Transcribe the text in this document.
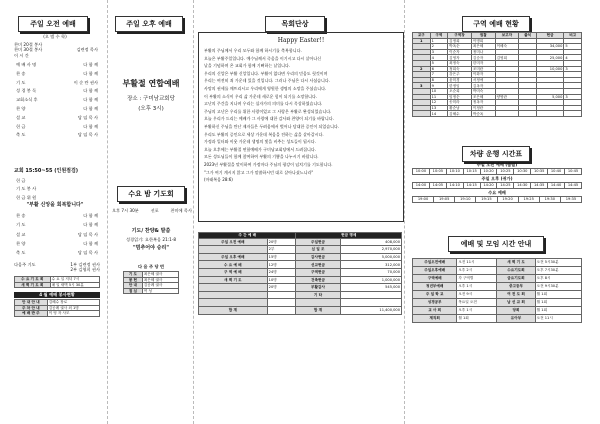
주일 오전 예배
(오 범 수 학)
찬미 20절 봉사
찬미 30절 봉사	김련정 목사
이 시 간
예 배 사 명	다 함 께
찬 송	다 함 께
기 도	이 순 란 권사
성 경 봉 독	다 함 께
교회소식 후	다 함 께
찬 양	다 함 께
설 교	담 임 목 사
헌 금	다 함 께
축 도	담 임 목 사
교회 15:50~55 (인원점검)
헌 금
기 도 봉 사
헌 금 위 원
"부활 신앙을 회복합니다"
찬 송	다 함 께
기 도	다 함 께
설 교	담 임 목 사
찬 양	다 함 께
축 도	담 임 목 사
다음주 기도	1부 김련정 권사
2부 김영희 권사
수 요 기 도 회	수 요 일 저녁 7시
새 벽 기 도 회	매 일 새벽 5시 30분
4 월 예배 봉사현황
안 내 안 내	김혜수 장로
주 차 안 내	김공례 권사 외 1명
예 배 반 주	이 영 자 사모
주일 오후 예배
부활절 연합예배
장소 : 구미남교회당
(오후 3시)
수요 밤 기도회
오후 7시 30분	선포	찬미에 목사
기도/ 찬양& 말씀
성경읽기: 요한복음 21:1-8
"멈추어야 승리"
다 음 주 당 번
기 도	최은혜 권사
봉 헌	최은혜 권사
안 내	김공례 권사
점 심	여 성
목회단상
Happy Easter!!
부활의 주님께서 우리 모두와 함께 하시기를 축복합니다.
오늘은 부활주일입니다. 예수님께서 죽음을 이기시고 다시 살아나신
날을 기념하며 온 교회가 함께 기뻐하는 날입니다.
우리의 신앙은 부활 신앙입니다. 부활이 없다면 우리의 믿음도 헛것이며
우리는 여전히 죄 가운데 있을 것입니다. 그러나 주님은 다시 사셨습니다.
사망의 권세를 깨뜨리시고 우리에게 영원한 생명의 소망을 주셨습니다.
이 부활의 소식이 우리 삶 가운데 새로운 힘이 되기를 소망합니다.
고난의 주간을 지나며 우리는 십자가의 의미를 다시 묵상하였습니다.
주님의 고난은 우리를 위한 사랑이었고 그 사랑은 부활로 완성되었습니다.
오늘 우리가 드리는 예배가 그 사랑에 대한 감사와 찬양이 되기를 바랍니다.
부활하신 주님을 만난 제자들은 두려움에서 벗어나 담대한 증인이 되었습니다.
우리도 부활의 증인으로 세상 가운데 복음을 전하는 삶을 살아갑시다.
가정과 일터와 이웃 가운데 생명의 빛을 비추는 성도들이 됩시다.
오늘 오후에는 부활절 연합예배가 구미남교회당에서 드려집니다.
모든 성도님들이 함께 참여하여 부활의 기쁨을 나누시기 바랍니다.
2023년 부활절을 맞이하여 가정마다 주님의 평강이 넘치기를 기도합니다.
"그가 여기 계시지 않고 그가 말씀하시던 대로 살아나셨느니라"
(마태복음 28:6)
주 간 예 배		헌금 명세	
주일 오전 예배	20명	주일헌금	408,000
	2부	십 일 조	2,970,000
주일 오후 예배	15명	감사헌금	5,000,000
수 요 예 배	12명	선교헌금	312,000
구 역 예 배	24명	구역헌금	70,000
새 벽 기 도	10명	건축헌금	1,000,000
	20명	부활감사	545,000
		기 타	

합 계		합 계	11,400,000
구역 예배 현황
교구	구역	구역장	권찰	보고자	출석	헌금	비고
1	1	김정희	이명희				
	2	박옥순	최은혜	이혜숙		34,000	5
	3	이순자	정미나				
	4	김영자	김순자	김영희		25,000	4
	5	최정숙	한미자				
2	6	정희숙	조미란			10,000	3
	7	강은주	이화자				
	8	윤미경	서정애				
3	9	한정임	김옥자				
	10	오순희	박미숙				
	11	임정순	조은혜	양영란		5,000	3
	12	송미라	정옥자				
	13	황순남	이정란				
	14	김혜수	박순옥				
차량 운행 시간표
주일 오전 예배 (출발)
10:00	10:05	10:10	10:15	10:20	10:25	10:30	10:35	10:40	10:45
주일 오후 (귀가)
14:00	14:05	14:10	14:15	14:20	14:25	14:30	14:35	14:40	14:45
수요 예배
19:00	19:05	19:10	19:15	19:20	19:25	19:30	19:35
예배 및 모임 시간 안내
주일오전예배	오전 11시	새 벽 기 도	오전 5시30분
주일오후예배	오후 2시	수요기도회	오후 7시30분
구역예배	각 구역별	금요기도회	오후 8시
청년부예배	오후 1시	중고등부	오전 9시30분
주 일 학 교	오전 9시	여 전 도 회	월 1회
성경공부	목요일 오전	남 선 교 회	월 1회
교 사 회	오후 1시	당회	월 1회
제직회	월 1회	유아부	오전 11시
